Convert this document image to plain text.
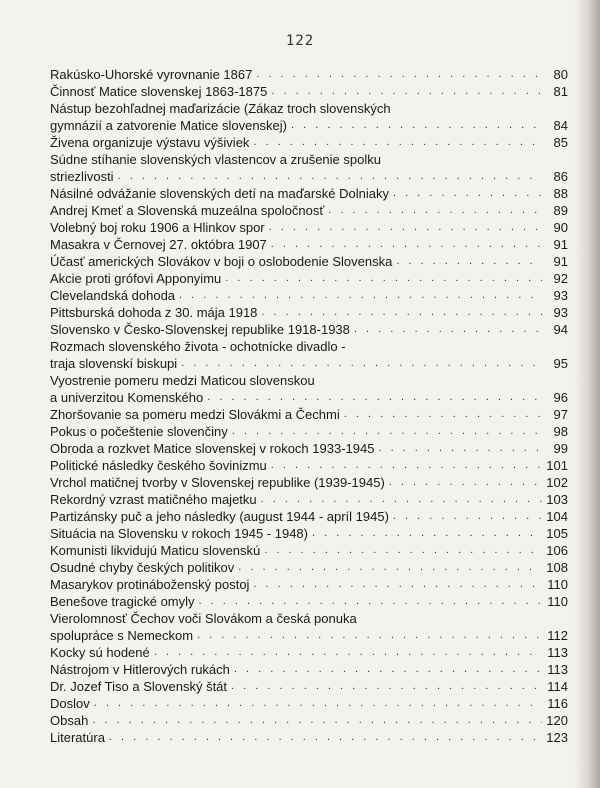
122
Rakúsko-Uhorské vyrovnanie 1867 . . .	80
Činnosť Matice slovenskej 1863-1875 . . .	81
Nástup bezohľadnej maďarizácie (Zákaz troch slovenských
gymnázií a zatvorenie Matice slovenskej) . . .	84
Živena organizuje výstavu výšiviek . . .	85
Súdne stíhanie slovenských vlastencov a zrušenie spolku
striezlivosti . . .	86
Násilné odvážanie slovenských detí na maďarské Dolniaky . . .	88
Andrej Kmeť a Slovenská muzeálna spoločnosť . . .	89
Volebný boj roku 1906 a Hlinkov spor . . .	90
Masakra v Černovej 27. októbra 1907 . . .	91
Účasť amerických Slovákov v boji o oslobodenie Slovenska . . .	91
Akcie proti grófovi Apponyimu . . .	92
Clevelandská dohoda . . .	93
Pittsburská dohoda z 30. mája 1918 . . .	93
Slovensko v Česko-Slovenskej republike 1918-1938 . . .	94
Rozmach slovenského života - ochotnícke divadlo -
traja slovenskí biskupi . . .	95
Vyostrenie pomeru medzi Maticou slovenskou
a univerzitou Komenského . . .	96
Zhoršovanie sa pomeru medzi Slovákmi a Čechmi . . .	97
Pokus o počeštenie slovenčiny . . .	98
Obroda a rozkvet Matice slovenskej v rokoch 1933-1945 . . .	99
Politické následky českého šovinizmu . . .	101
Vrchol matičnej tvorby v Slovenskej republike (1939-1945) . . .	102
Rekordný vzrast matičného majetku . . .	103
Partizánsky puč a jeho následky (august 1944 - apríl 1945) . . .	104
Situácia na Slovensku v rokoch 1945 - 1948) . . .	105
Komunisti likvidujú Maticu slovenskú . . .	106
Osudné chyby českých politikov . . .	108
Masarykov protináboženský postoj . . .	110
Benešove tragické omyly . . .	110
Vierolomnosť Čechov voči Slovákom a česká ponuka
spolupráce s Nemeckom . . .	112
Kocky sú hodené . . .	113
Nástrojom v Hitlerových rukách . . .	113
Dr. Jozef Tiso a Slovenský štát . . .	114
Doslov . . .	116
Obsah . . .	120
Literatúra . . .	123
